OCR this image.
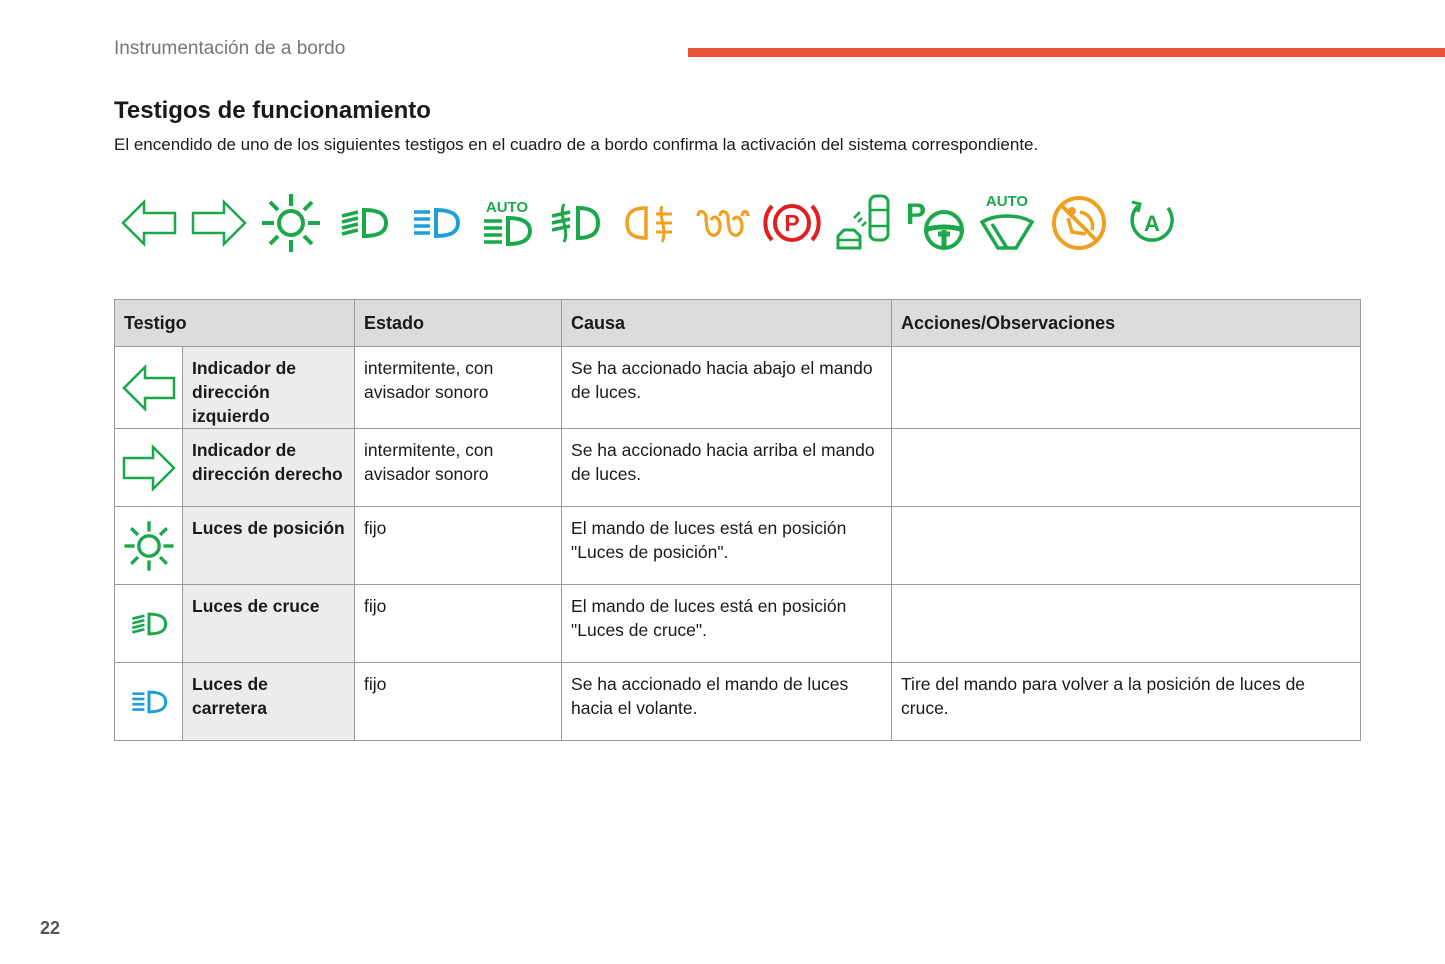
Instrumentación de a bordo
Testigos de funcionamiento
El encendido de uno de los siguientes testigos en el cuadro de a bordo confirma la activación del sistema correspondiente.
AUTO
P	P	AUTO
A
Testigo		Estado	Causa	Acciones/Observaciones

	Indicador de dirección izquierdo	intermitente, con avisador sonoro	Se ha accionado hacia abajo el mando de luces.	

	Indicador de dirección derecho	intermitente, con avisador sonoro	Se ha accionado hacia arriba el mando de luces.	

	Luces de posición	fijo	El mando de luces está en posición "Luces de posición".	

	Luces de cruce	fijo	El mando de luces está en posición "Luces de cruce".	

	Luces de carretera	fijo	Se ha accionado el mando de luces hacia el volante.	Tire del mando para volver a la posición de luces de cruce.
22
